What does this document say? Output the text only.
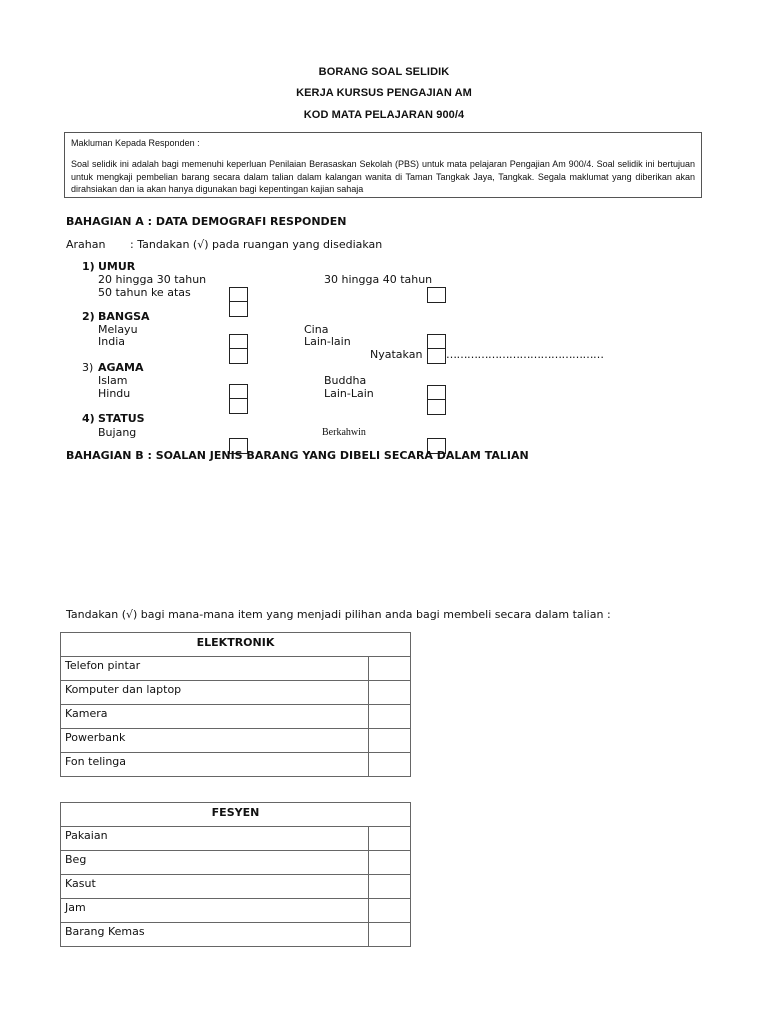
BORANG SOAL SELIDIK
KERJA KURSUS PENGAJIAN AM
KOD MATA PELAJARAN 900/4
Makluman Kepada Responden :
Soal selidik ini adalah bagi memenuhi keperluan Penilaian Berasaskan Sekolah (PBS) untuk mata pelajaran Pengajian Am 900/4. Soal selidik ini bertujuan untuk mengkaji pembelian barang secara dalam talian dalam kalangan wanita di Taman Tangkak Jaya, Tangkak. Segala maklumat yang diberikan akan dirahsiakan dan ia akan hanya digunakan bagi kepentingan kajian sahaja
BAHAGIAN A : DATA DEMOGRAFI RESPONDEN
Arahan : Tandakan (√) pada ruangan yang disediakan
1) UMUR
20 hingga 30 tahun	30 hingga 40 tahun
50 tahun ke atas
2) BANGSA
Melayu	Cina
India	Lain-lain
Nyatakan ………………………………………
3) AGAMA
Islam	Buddha
Hindu	Lain-Lain
4) STATUS
Bujang	Berkahwin
BAHAGIAN B : SOALAN JENIS BARANG YANG DIBELI SECARA DALAM TALIAN
Tandakan (√) bagi mana-mana item yang menjadi pilihan anda bagi membeli secara dalam talian :
ELEKTRONIK	
Telefon pintar	
Komputer dan laptop	
Kamera	
Powerbank	
Fon telinga	
FESYEN	
Pakaian	
Beg	
Kasut	
Jam	
Barang Kemas	
